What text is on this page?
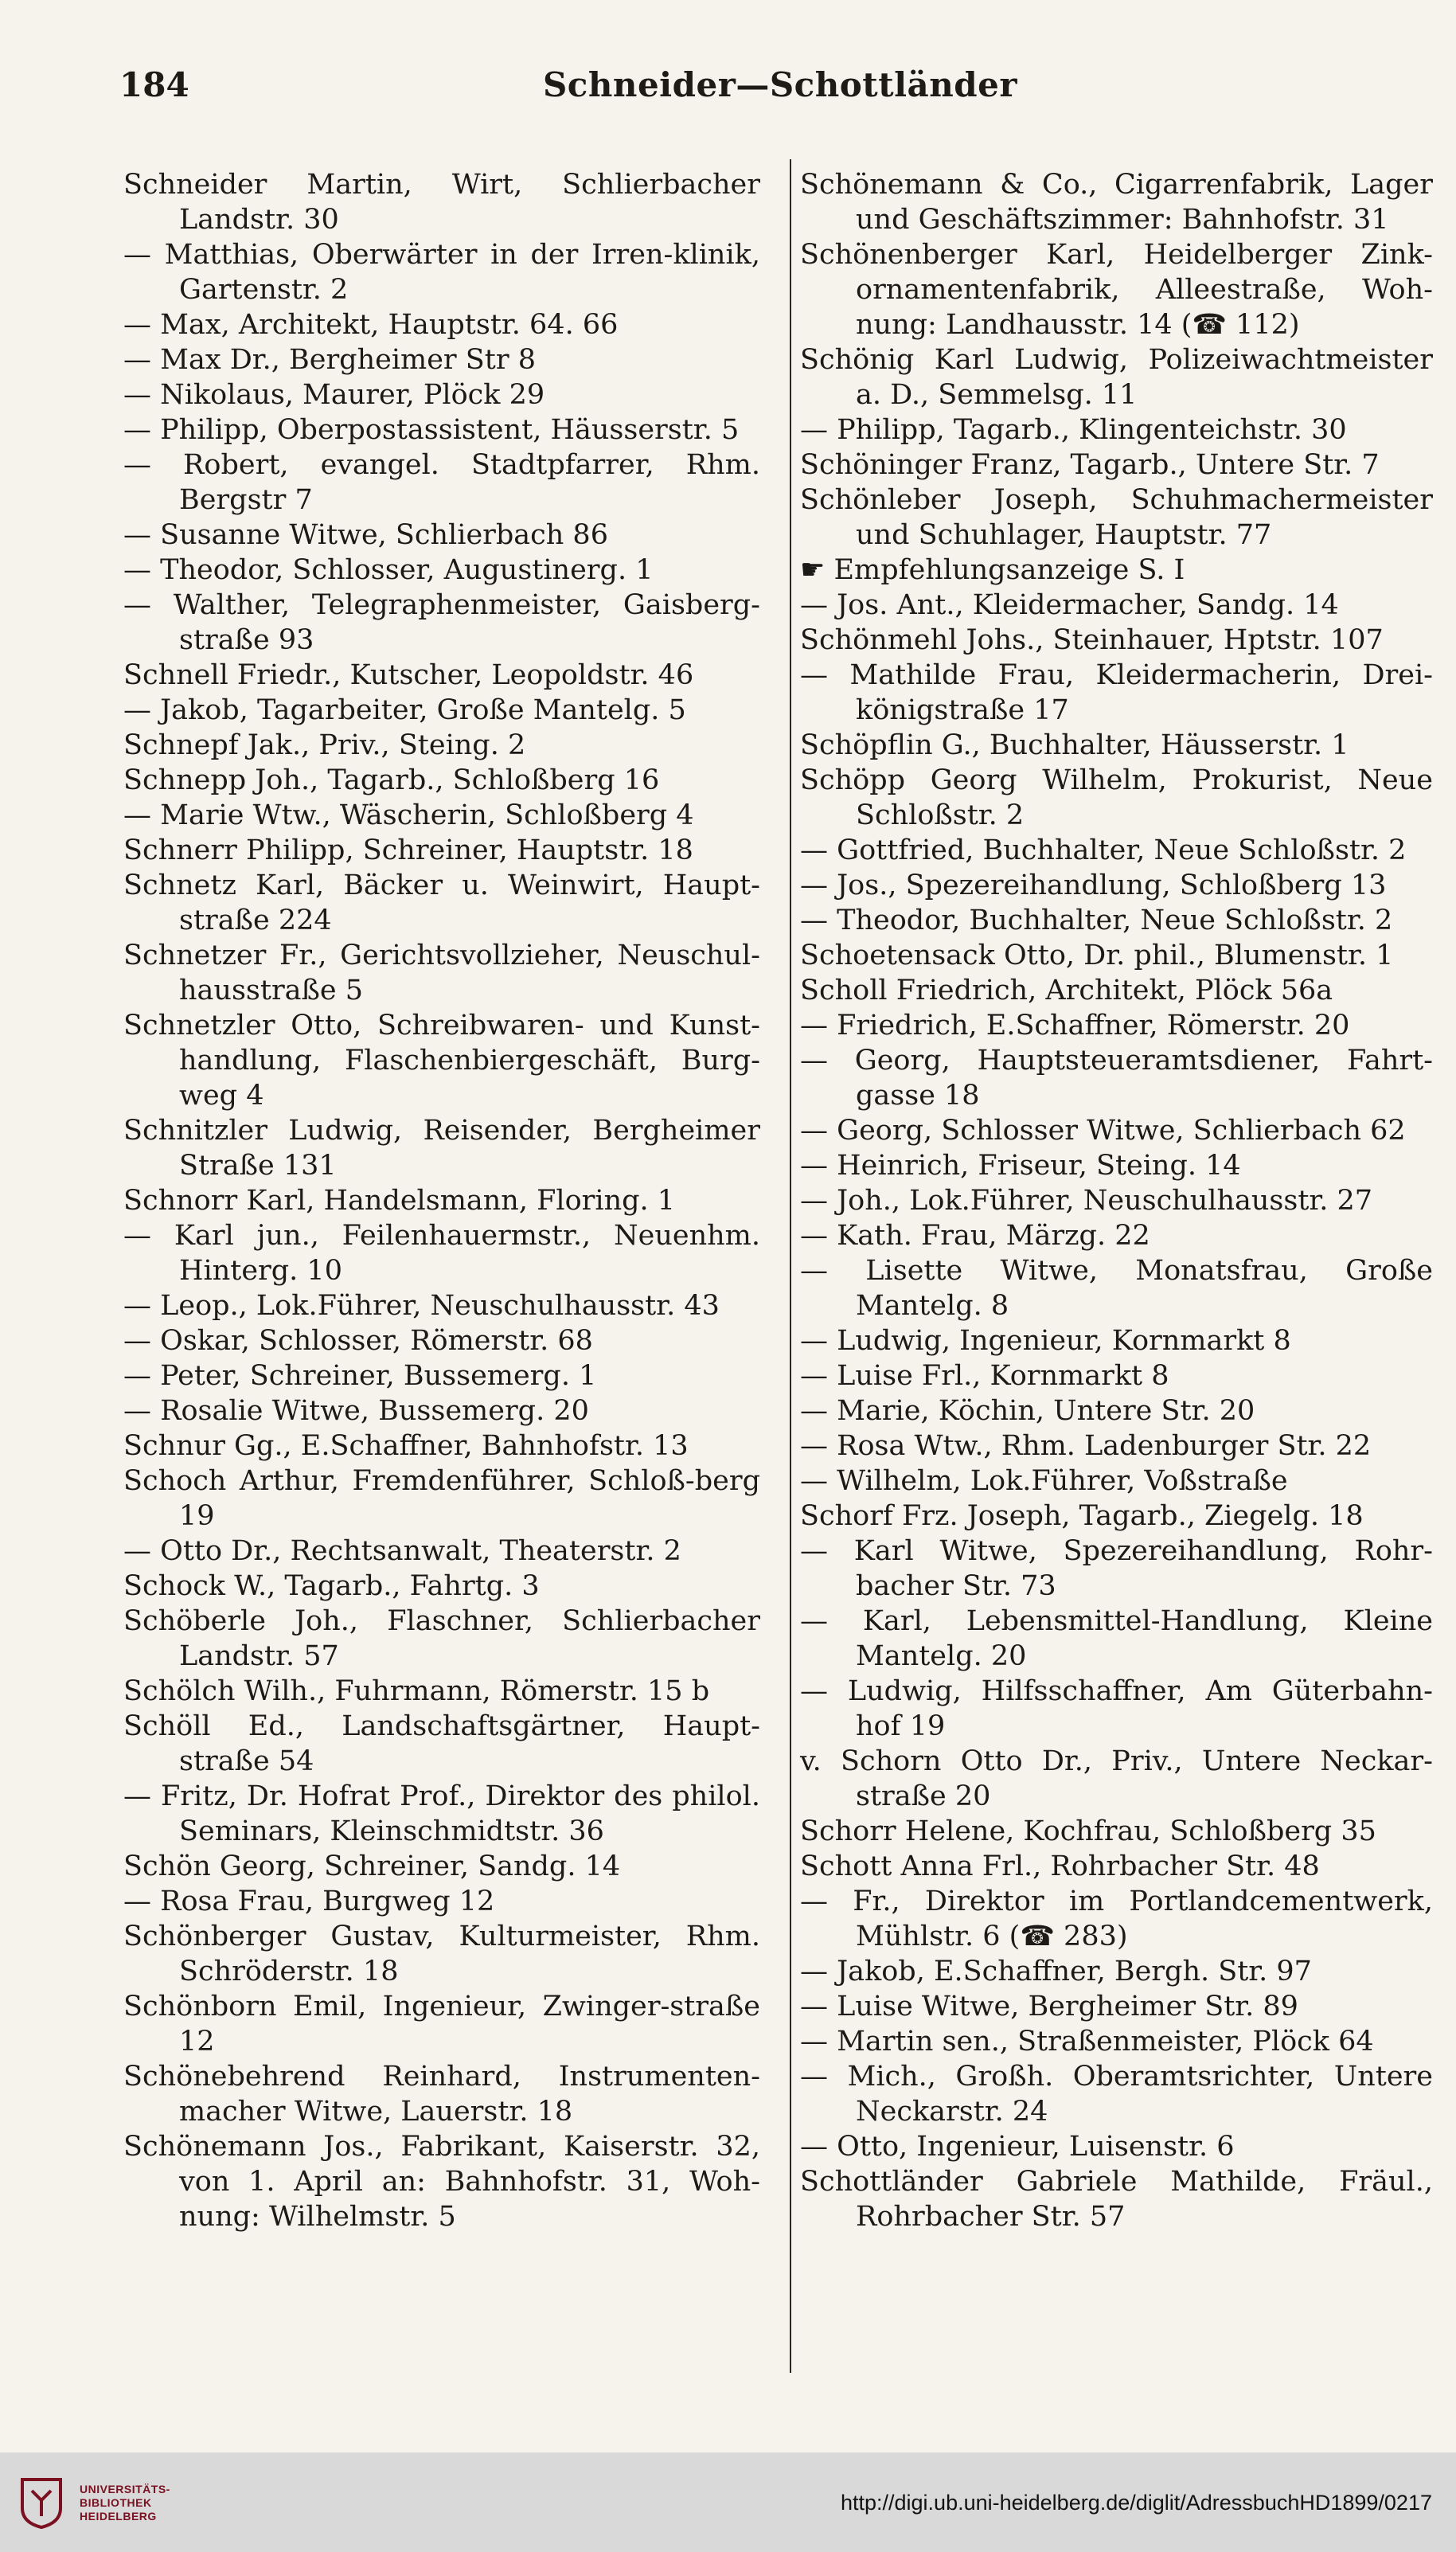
184	Schneider—Schottländer

Schneider Martin, Wirt, Schlierbacher Landstr. 30

— Matthias, Oberwärter in der Irren-klinik, Gartenstr. 2

— Max, Architekt, Hauptstr. 64. 66

— Max Dr., Bergheimer Str 8

— Nikolaus, Maurer, Plöck 29

— Philipp, Oberpostassistent, Häusserstr. 5

— Robert, evangel. Stadtpfarrer, Rhm. Bergstr 7

— Susanne Witwe, Schlierbach 86

— Theodor, Schlosser, Augustinerg. 1

— Walther, Telegraphenmeister, Gaisberg-straße 93

Schnell Friedr., Kutscher, Leopoldstr. 46

— Jakob, Tagarbeiter, Große Mantelg. 5

Schnepf Jak., Priv., Steing. 2

Schnepp Joh., Tagarb., Schloßberg 16

— Marie Wtw., Wäscherin, Schloßberg 4

Schnerr Philipp, Schreiner, Hauptstr. 18

Schnetz Karl, Bäcker u. Weinwirt, Haupt-straße 224

Schnetzer Fr., Gerichtsvollzieher, Neuschul-hausstraße 5

Schnetzler Otto, Schreibwaren- und Kunst-handlung, Flaschenbiergeschäft, Burg-weg 4

Schnitzler Ludwig, Reisender, Bergheimer Straße 131

Schnorr Karl, Handelsmann, Floring. 1

— Karl jun., Feilenhauermstr., Neuenhm. Hinterg. 10

— Leop., Lok.Führer, Neuschulhausstr. 43

— Oskar, Schlosser, Römerstr. 68

— Peter, Schreiner, Bussemerg. 1

— Rosalie Witwe, Bussemerg. 20

Schnur Gg., E.Schaffner, Bahnhofstr. 13

Schoch Arthur, Fremdenführer, Schloß-berg 19

— Otto Dr., Rechtsanwalt, Theaterstr. 2

Schock W., Tagarb., Fahrtg. 3

Schöberle Joh., Flaschner, Schlierbacher Landstr. 57

Schölch Wilh., Fuhrmann, Römerstr. 15 b

Schöll Ed., Landschaftsgärtner, Haupt-straße 54

— Fritz, Dr. Hofrat Prof., Direktor des philol. Seminars, Kleinschmidtstr. 36

Schön Georg, Schreiner, Sandg. 14

— Rosa Frau, Burgweg 12

Schönberger Gustav, Kulturmeister, Rhm. Schröderstr. 18

Schönborn Emil, Ingenieur, Zwinger-straße 12

Schönebehrend Reinhard, Instrumenten-macher Witwe, Lauerstr. 18

Schönemann Jos., Fabrikant, Kaiserstr. 32, von 1. April an: Bahnhofstr. 31, Woh-nung: Wilhelmstr. 5

Schönemann & Co., Cigarrenfabrik, Lager und Geschäftszimmer: Bahnhofstr. 31

Schönenberger Karl, Heidelberger Zink-ornamentenfabrik, Alleestraße, Woh-nung: Landhausstr. 14 (☎ 112)

Schönig Karl Ludwig, Polizeiwachtmeister a. D., Semmelsg. 11

— Philipp, Tagarb., Klingenteichstr. 30

Schöninger Franz, Tagarb., Untere Str. 7

Schönleber Joseph, Schuhmachermeister und Schuhlager, Hauptstr. 77

☛ Empfehlungsanzeige S. I

— Jos. Ant., Kleidermacher, Sandg. 14

Schönmehl Johs., Steinhauer, Hptstr. 107

— Mathilde Frau, Kleidermacherin, Drei-königstraße 17

Schöpflin G., Buchhalter, Häusserstr. 1

Schöpp Georg Wilhelm, Prokurist, Neue Schloßstr. 2

— Gottfried, Buchhalter, Neue Schloßstr. 2

— Jos., Spezereihandlung, Schloßberg 13

— Theodor, Buchhalter, Neue Schloßstr. 2

Schoetensack Otto, Dr. phil., Blumenstr. 1

Scholl Friedrich, Architekt, Plöck 56a

— Friedrich, E.Schaffner, Römerstr. 20

— Georg, Hauptsteueramtsdiener, Fahrt-gasse 18

— Georg, Schlosser Witwe, Schlierbach 62

— Heinrich, Friseur, Steing. 14

— Joh., Lok.Führer, Neuschulhausstr. 27

— Kath. Frau, Märzg. 22

— Lisette Witwe, Monatsfrau, Große Mantelg. 8

— Ludwig, Ingenieur, Kornmarkt 8

— Luise Frl., Kornmarkt 8

— Marie, Köchin, Untere Str. 20

— Rosa Wtw., Rhm. Ladenburger Str. 22

— Wilhelm, Lok.Führer, Voßstraße

Schorf Frz. Joseph, Tagarb., Ziegelg. 18

— Karl Witwe, Spezereihandlung, Rohr-bacher Str. 73

— Karl, Lebensmittel-Handlung, Kleine Mantelg. 20

— Ludwig, Hilfsschaffner, Am Güterbahn-hof 19

v. Schorn Otto Dr., Priv., Untere Neckar-straße 20

Schorr Helene, Kochfrau, Schloßberg 35

Schott Anna Frl., Rohrbacher Str. 48

— Fr., Direktor im Portlandcementwerk, Mühlstr. 6 (☎ 283)

— Jakob, E.Schaffner, Bergh. Str. 97

— Luise Witwe, Bergheimer Str. 89

— Martin sen., Straßenmeister, Plöck 64

— Mich., Großh. Oberamtsrichter, Untere Neckarstr. 24

— Otto, Ingenieur, Luisenstr. 6

Schottländer Gabriele Mathilde, Fräul., Rohrbacher Str. 57

UNIVERSITÄTS-
BIBLIOTHEK
HEIDELBERG
http://digi.ub.uni-heidelberg.de/diglit/AdressbuchHD1899/0217
